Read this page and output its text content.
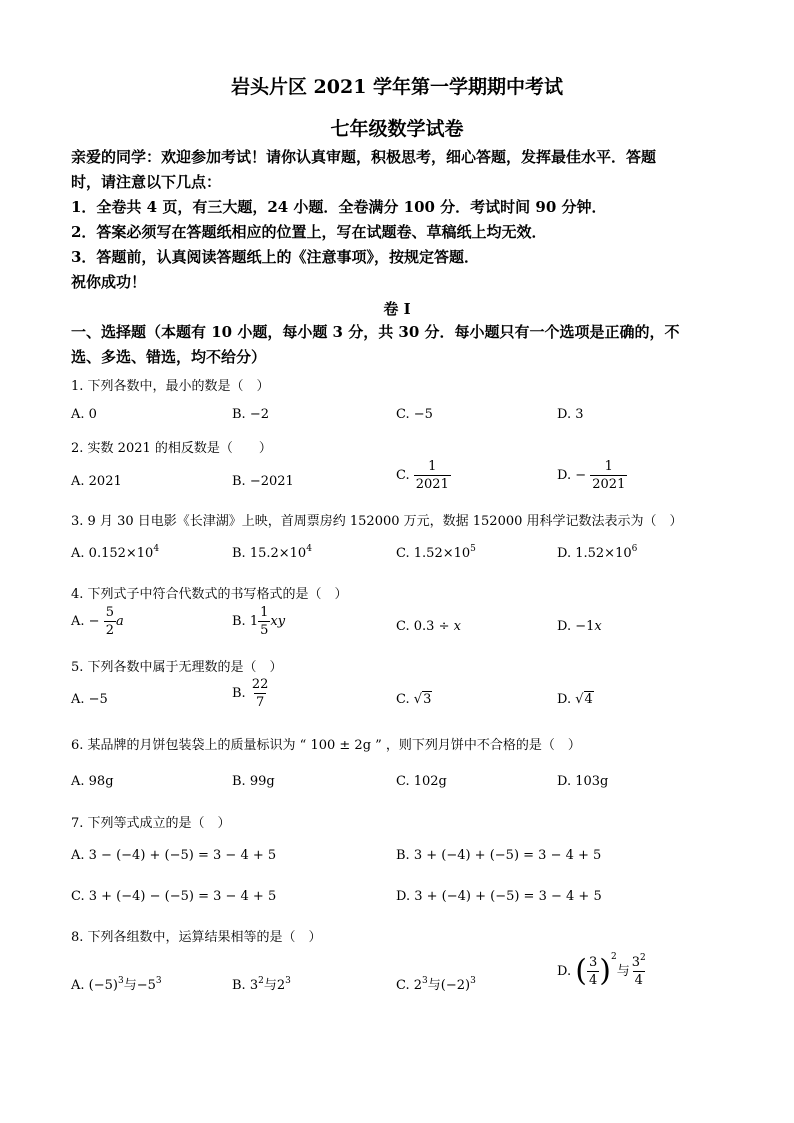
岩头片区 2021 学年第一学期期中考试
七年级数学试卷
亲爱的同学：欢迎参加考试！请你认真审题，积极思考，细心答题，发挥最佳水平．答题
时，请注意以下几点：
1．全卷共 4 页，有三大题，24 小题．全卷满分 100 分．考试时间 90 分钟．
2．答案必须写在答题纸相应的位置上，写在试题卷、草稿纸上均无效．
3．答题前，认真阅读答题纸上的《注意事项》，按规定答题．
祝你成功！
卷 I
一、选择题（本题有 10 小题，每小题 3 分，共 30 分．每小题只有一个选项是正确的，不
选、多选、错选，均不给分）
1. 下列各数中，最小的数是（　）
A. 0	B. −2	C. −5	D. 3
2. 实数 2021 的相反数是（　　）
A. 2021	B. −2021	C. $\frac{1}{2021}$	D. − $\frac{1}{2021}$
3. 9 月 30 日电影《长津湖》上映，首周票房约 152000 万元，数据 152000 用科学记数法表示为（　）
A. $0.152\times 10^4$	B. $15.2\times 10^4$	C. $1.52\times 10^5$	D. $1.52\times 10^6$
4. 下列式子中符合代数式的书写格式的是（　）
A. − $\frac{5}{2}$ a	B. $1 \frac{1}{5}$ xy	C. 0.3 ÷ x	D. −1x
5. 下列各数中属于无理数的是（　）
A. −5	B. $\frac{22}{7}$	C. √3	D. √4
6. 某品牌的月饼包装袋上的质量标识为 “ 100 ± 2g ” ，则下列月饼中不合格的是（　）
A. 98g	B. 99g	C. 102g	D. 103g
7. 下列等式成立的是（　）
A. 3 − (−4) + (−5) = 3 − 4 + 5	B. 3 + (−4) + (−5) = 3 − 4 + 5
C. 3 + (−4) − (−5) = 3 − 4 + 5	D. 3 + (−4) + (−5) = 3 − 4 + 5
8. 下列各组数中，运算结果相等的是（　）
A. $(-5)^3$与$-5^3$	B. $3^2$与$2^3$	C. $2^3$与$(-2)^3$
D. ( $\frac{3}{4} )^2$与 $\frac{3^2}{4}$
